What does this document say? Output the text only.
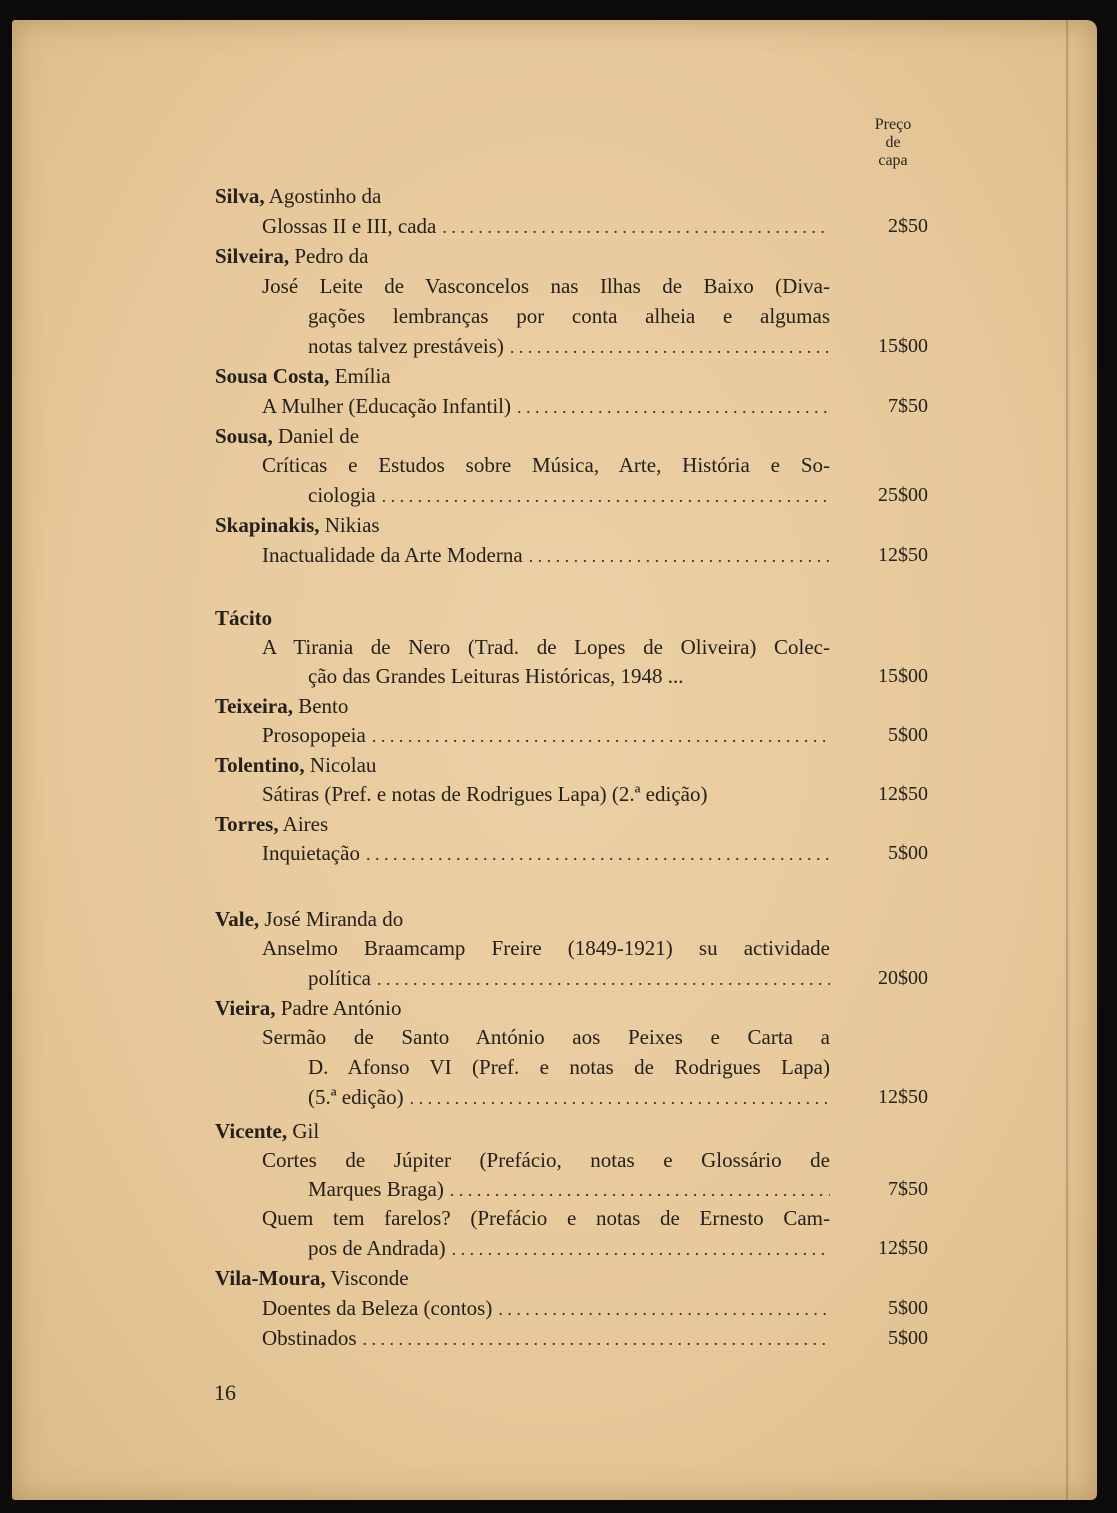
Preço
de
capa
Silva, Agostinho da
Glossas II e III, cada . . .	2$50
Silveira, Pedro da
José Leite de Vasconcelos nas Ilhas de Baixo (Diva-
gações lembranças por conta alheia e algumas
notas talvez prestáveis) . . .	15$00
Sousa Costa, Emília
A Mulher (Educação Infantil) . . .	7$50
Sousa, Daniel de
Críticas e Estudos sobre Música, Arte, História e So-
ciologia . . .	25$00
Skapinakis, Nikias
Inactualidade da Arte Moderna . . .	12$50
Tácito
A Tirania de Nero (Trad. de Lopes de Oliveira) Colec-
ção das Grandes Leituras Históricas, 1948 ...	15$00
Teixeira, Bento
Prosopopeia . . .	5$00
Tolentino, Nicolau
Sátiras (Pref. e notas de Rodrigues Lapa) (2.ª edição)	12$50
Torres, Aires
Inquietação . . .	5$00
Vale, José Miranda do
Anselmo Braamcamp Freire (1849-1921) su actividade
política . . .	20$00
Vieira, Padre António
Sermão de Santo António aos Peixes e Carta a
D. Afonso VI (Pref. e notas de Rodrigues Lapa)
(5.ª edição) . . .	12$50
Vicente, Gil
Cortes de Júpiter (Prefácio, notas e Glossário de
Marques Braga) . . .	7$50
Quem tem farelos? (Prefácio e notas de Ernesto Cam-
pos de Andrada) . . .	12$50
Vila-Moura, Visconde
Doentes da Beleza (contos) . . .	5$00
Obstinados . . .	5$00
16
